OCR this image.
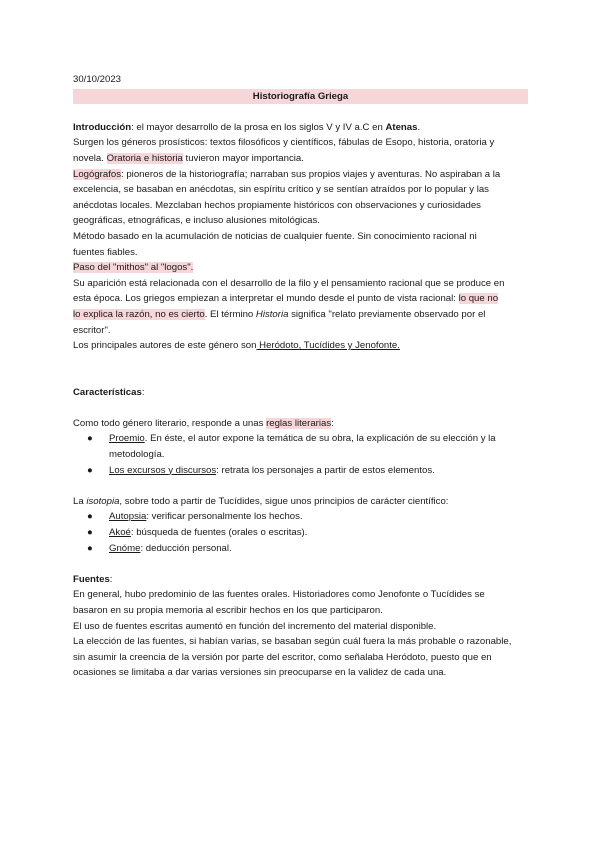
30/10/2023

Historiografía Griega

Introducción: el mayor desarrollo de la prosa en los siglos V y IV a.C en Atenas.

Surgen los géneros prosísticos: textos filosóficos y científicos, fábulas de Esopo, historia, oratoria y

novela. Oratoria e historia tuvieron mayor importancia.

Logógrafos: pioneros de la historiografía; narraban sus propios viajes y aventuras. No aspiraban a la

excelencia, se basaban en anécdotas, sin espíritu crítico y se sentían atraídos por lo popular y las

anécdotas locales. Mezclaban hechos propiamente históricos con observaciones y curiosidades

geográficas, etnográficas, e incluso alusiones mitológicas.

Método basado en la acumulación de noticias de cualquier fuente. Sin conocimiento racional ni

fuentes fiables.

Paso del "mithos" al "logos".

Su aparición está relacionada con el desarrollo de la filo y el pensamiento racional que se produce en

esta época. Los griegos empiezan a interpretar el mundo desde el punto de vista racional: lo que no

lo explica la razón, no es cierto. El término Historia significa "relato previamente observado por el

escritor".

Los principales autores de este género son Heródoto, Tucídides y Jenofonte.

Características:

Como todo género literario, responde a unas reglas literarias:

● Proemio. En éste, el autor expone la temática de su obra, la explicación de su elección y la
metodología.
● Los excursos y discursos: retrata los personajes a partir de estos elementos.

La isotopia, sobre todo a partir de Tucídides, sigue unos principios de carácter científico:

● Autopsia: verificar personalmente los hechos.
● Akoé: búsqueda de fuentes (orales o escritas).
● Gnóme: deducción personal.

Fuentes:

En general, hubo predominio de las fuentes orales. Historiadores como Jenofonte o Tucídides se

basaron en su propia memoria al escribir hechos en los que participaron.

El uso de fuentes escritas aumentó en función del incremento del material disponible.

La elección de las fuentes, si habían varias, se basaban según cuál fuera la más probable o razonable,

sin asumir la creencia de la versión por parte del escritor, como señalaba Heródoto, puesto que en

ocasiones se limitaba a dar varias versiones sin preocuparse en la validez de cada una.
